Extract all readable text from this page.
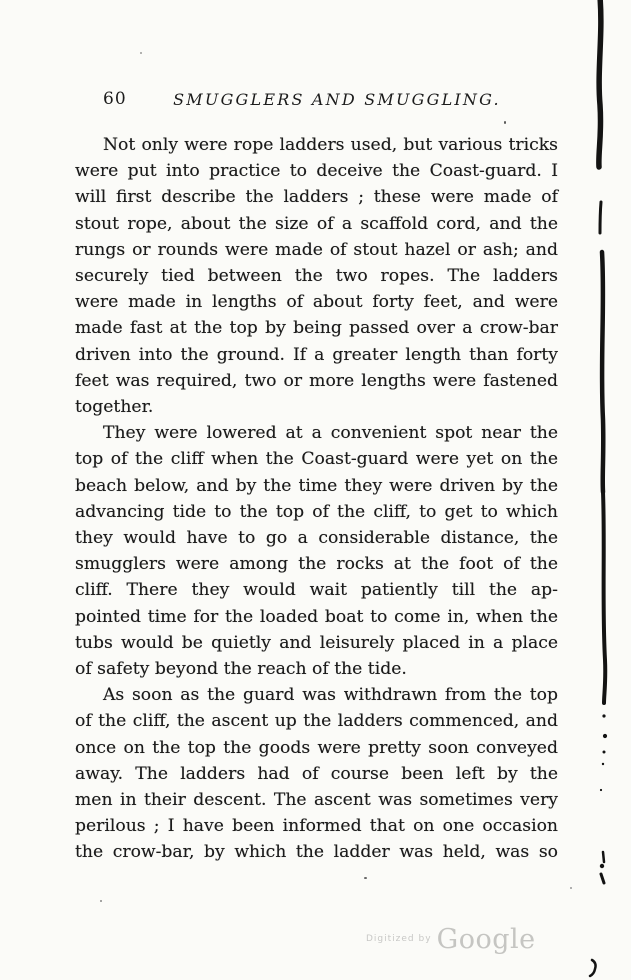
60	SMUGGLERS AND SMUGGLING.
Not only were rope ladders used, but various tricks
were put into practice to deceive the Coast-guard. I
will first describe the ladders ; these were made of
stout rope, about the size of a scaffold cord, and the
rungs or rounds were made of stout hazel or ash; and
securely tied between the two ropes. The ladders
were made in lengths of about forty feet, and were
made fast at the top by being passed over a crow-bar
driven into the ground. If a greater length than forty
feet was required, two or more lengths were fastened
together.
They were lowered at a convenient spot near the
top of the cliff when the Coast-guard were yet on the
beach below, and by the time they were driven by the
advancing tide to the top of the cliff, to get to which
they would have to go a considerable distance, the
smugglers were among the rocks at the foot of the
cliff. There they would wait patiently till the ap-
pointed time for the loaded boat to come in, when the
tubs would be quietly and leisurely placed in a place
of safety beyond the reach of the tide.
As soon as the guard was withdrawn from the top
of the cliff, the ascent up the ladders commenced, and
once on the top the goods were pretty soon conveyed
away. The ladders had of course been left by the
men in their descent. The ascent was sometimes very
perilous ; I have been informed that on one occasion
the crow-bar, by which the ladder was held, was so
$^{Digitized by}$ Google
